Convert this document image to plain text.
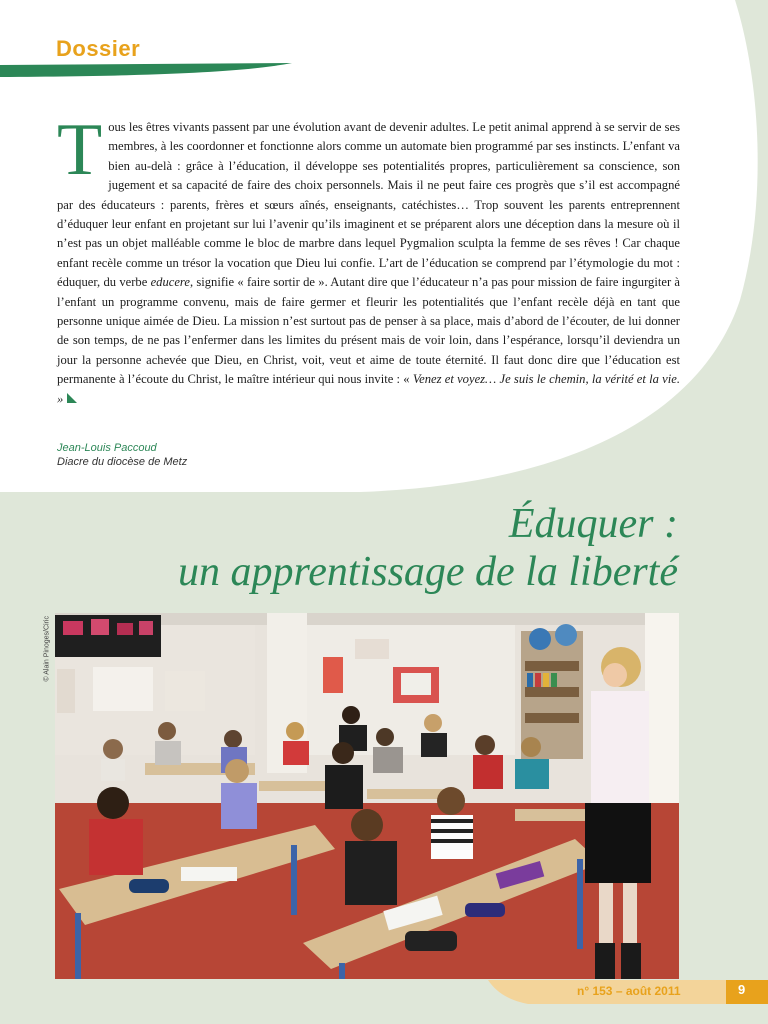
Dossier
Tous les êtres vivants passent par une évolution avant de devenir adultes. Le petit animal apprend à se servir de ses membres, à les coordonner et fonctionne alors comme un automate bien programmé par ses instincts. L’enfant va bien au-delà : grâce à l’éducation, il développe ses potentialités propres, particulièrement sa conscience, son jugement et sa capacité de faire des choix personnels. Mais il ne peut faire ces progrès que s’il est accompagné par des éducateurs : parents, frères et sœurs aînés, enseignants, catéchistes… Trop souvent les parents entreprennent d’éduquer leur enfant en projetant sur lui l’avenir qu’ils imaginent et se préparent alors une déception dans la mesure où il n’est pas un objet malléable comme le bloc de marbre dans lequel Pygmalion sculpta la femme de ses rêves ! Car chaque enfant recèle comme un trésor la vocation que Dieu lui confie. L’art de l’éducation se comprend par l’étymologie du mot : éduquer, du verbe educere, signifie « faire sortir de ». Autant dire que l’éducateur n’a pas pour mission de faire ingurgiter à l’enfant un programme convenu, mais de faire germer et fleurir les potentialités que l’enfant recèle déjà en tant que personne unique aimée de Dieu. La mission n’est surtout pas de penser à sa place, mais d’abord de l’écouter, de lui donner de son temps, de ne pas l’enfermer dans les limites du présent mais de voir loin, dans l’espérance, lorsqu’il deviendra un jour la personne achevée que Dieu, en Christ, voit, veut et aime de toute éternité. Il faut donc dire que l’éducation est permanente à l’écoute du Christ, le maître intérieur qui nous invite : « Venez et voyez… Je suis le chemin, la vérité et la vie. »
Jean-Louis Paccoud
Diacre du diocèse de Metz
Éduquer :
un apprentissage de la liberté
© Alain Pinoges/Ciric
n° 153 – août 2011	9
